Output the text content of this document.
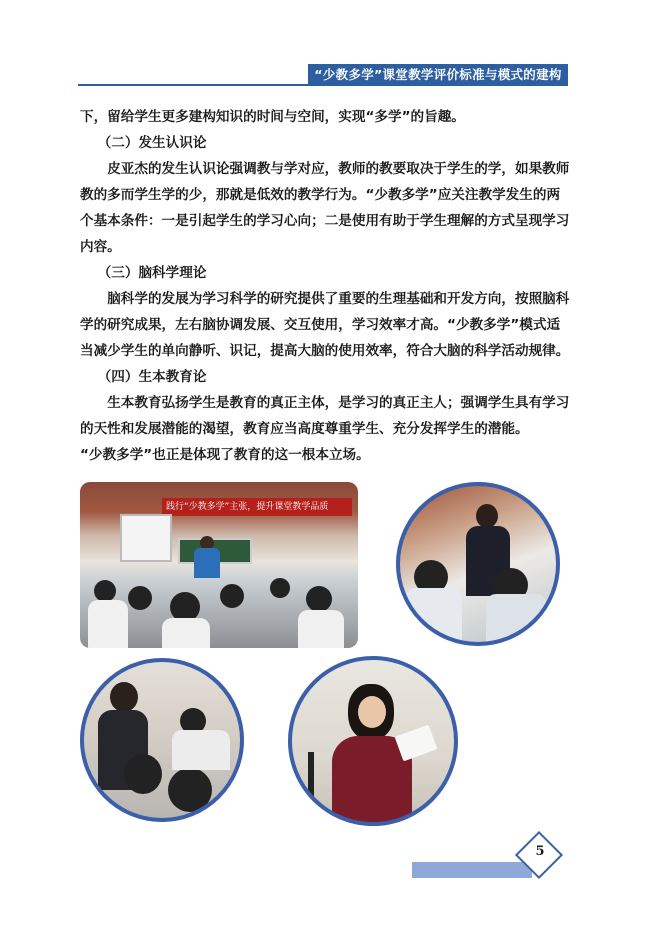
“少教多学”课堂教学评价标准与模式的建构

下，留给学生更多建构知识的时间与空间，实现“多学”的旨趣。

（二）发生认识论

皮亚杰的发生认识论强调教与学对应，教师的教要取决于学生的学，如果教师教的多而学生学的少，那就是低效的教学行为。“少教多学”应关注教学发生的两个基本条件：一是引起学生的学习心向；二是使用有助于学生理解的方式呈现学习内容。

（三）脑科学理论

脑科学的发展为学习科学的研究提供了重要的生理基础和开发方向，按照脑科学的研究成果，左右脑协调发展、交互使用，学习效率才高。“少教多学”模式适当减少学生的单向静听、识记，提高大脑的使用效率，符合大脑的科学活动规律。

（四）生本教育论

生本教育弘扬学生是教育的真正主体，是学习的真正主人；强调学生具有学习的天性和发展潜能的渴望，教育应当高度尊重学生、充分发挥学生的潜能。

“少教多学”也正是体现了教育的这一根本立场。

践行“少教多学”主张，提升课堂教学品质
5
